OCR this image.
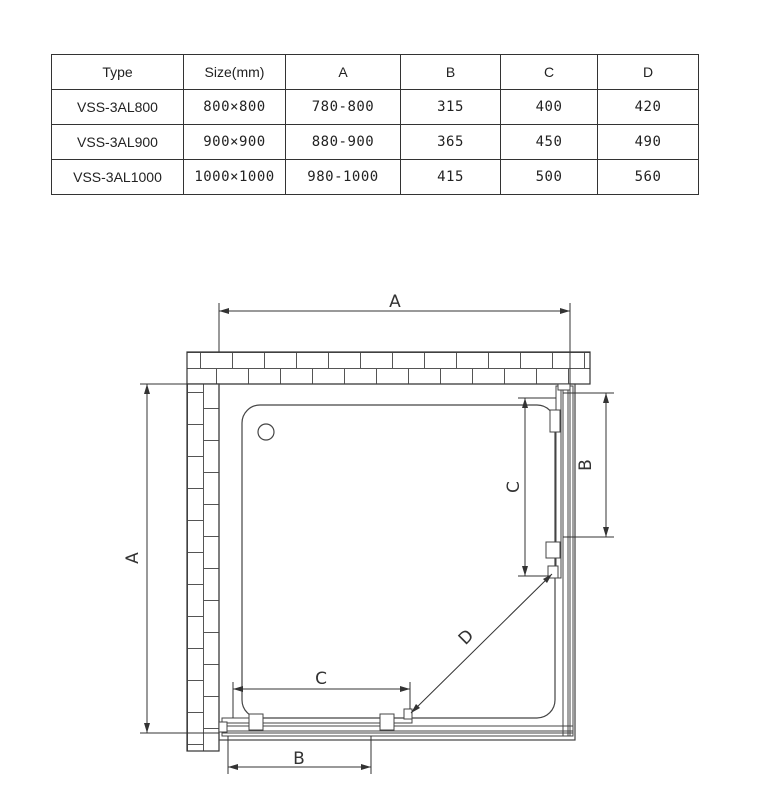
Type	Size(mm)	A	B	C	D
VSS-3AL800	800×800	780-800	315	400	420
VSS-3AL900	900×900	880-900	365	450	490
VSS-3AL1000	1000×1000	980-1000	415	500	560
A
A
B
C
C
B
D
